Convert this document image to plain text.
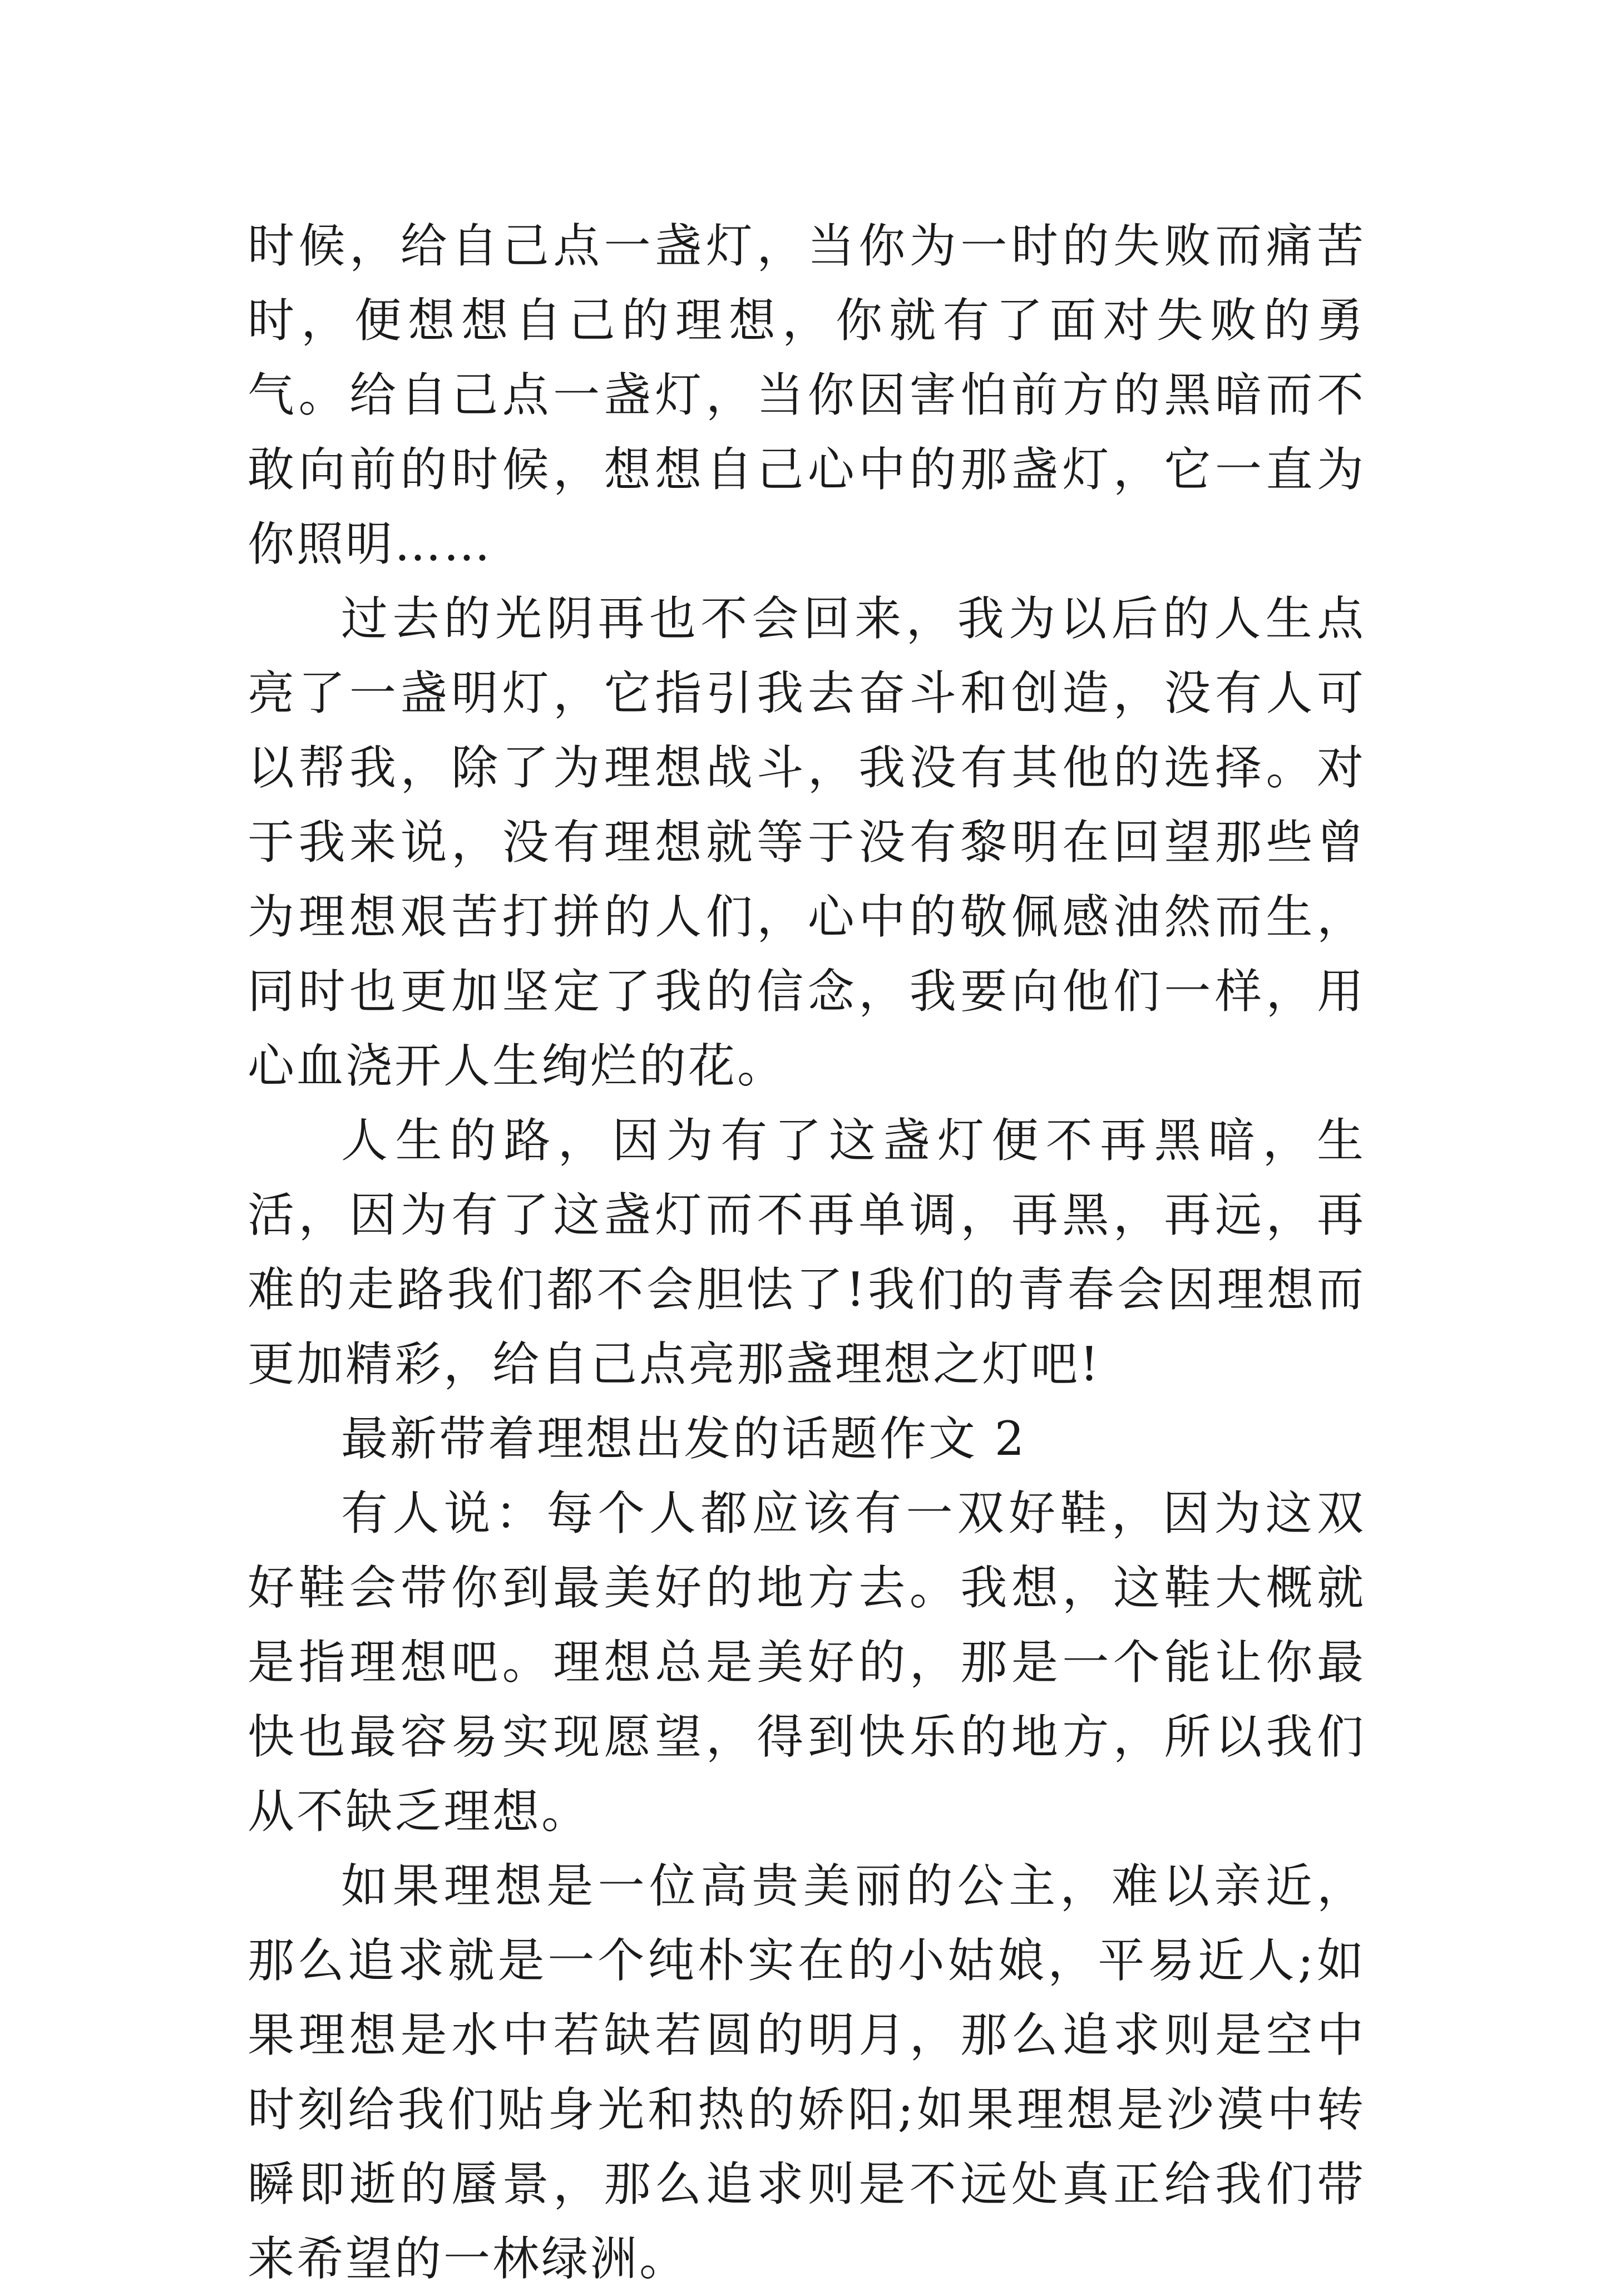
时候，给自己点一盏灯，当你为一时的失败而痛苦时，便想想自己的理想，你就有了面对失败的勇气。给自己点一盏灯，当你因害怕前方的黑暗而不敢向前的时候，想想自己心中的那盏灯，它一直为你照明……

过去的光阴再也不会回来，我为以后的人生点亮了一盏明灯，它指引我去奋斗和创造，没有人可以帮我，除了为理想战斗，我没有其他的选择。对于我来说，没有理想就等于没有黎明在回望那些曾为理想艰苦打拼的人们，心中的敬佩感油然而生，同时也更加坚定了我的信念，我要向他们一样，用心血浇开人生绚烂的花。

人生的路，因为有了这盏灯便不再黑暗，生活，因为有了这盏灯而不再单调，再黑，再远，再难的走路我们都不会胆怯了!我们的青春会因理想而更加精彩，给自己点亮那盏理想之灯吧!

最新带着理想出发的话题作文 2

有人说：每个人都应该有一双好鞋，因为这双好鞋会带你到最美好的地方去。我想，这鞋大概就是指理想吧。理想总是美好的，那是一个能让你最快也最容易实现愿望，得到快乐的地方，所以我们从不缺乏理想。

如果理想是一位高贵美丽的公主，难以亲近，那么追求就是一个纯朴实在的小姑娘，平易近人;如果理想是水中若缺若圆的明月，那么追求则是空中时刻给我们贴身光和热的娇阳;如果理想是沙漠中转瞬即逝的蜃景，那么追求则是不远处真正给我们带来希望的一林绿洲。
